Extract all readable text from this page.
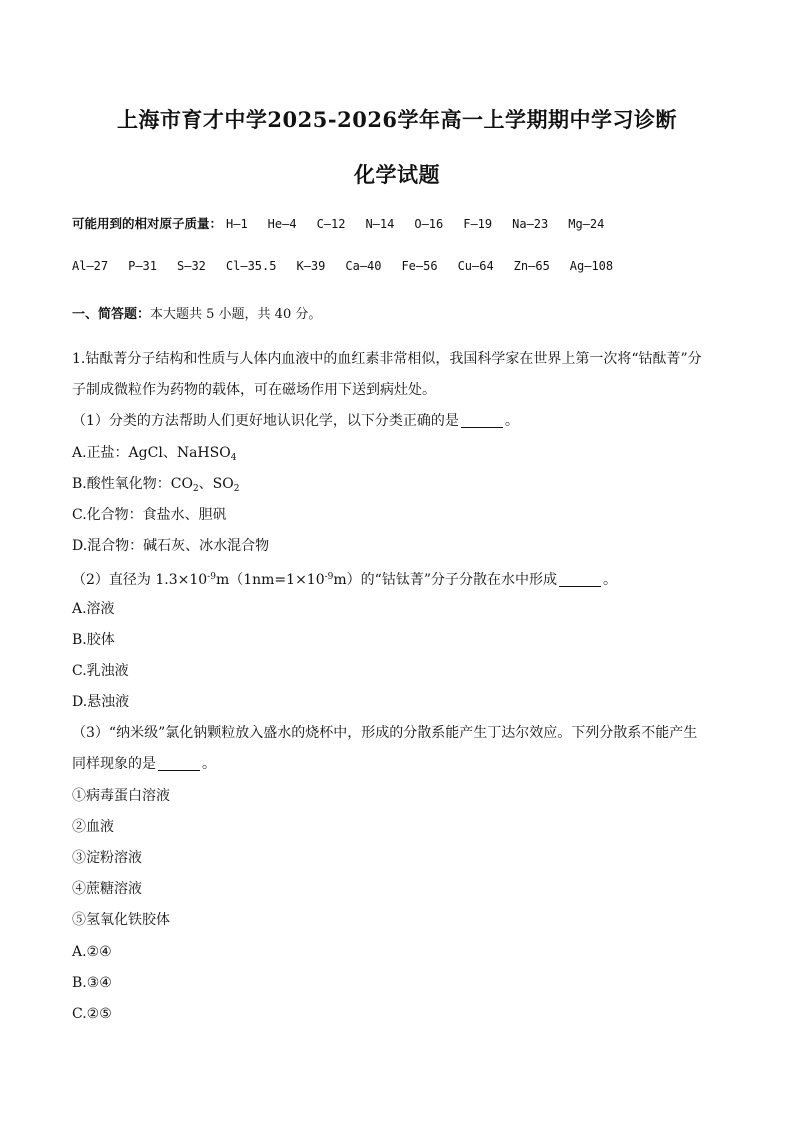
上海市育才中学2025-2026学年高一上学期期中学习诊断
化学试题
可能用到的相对原子质量： H—1 He—4 C—12 N—14 O—16 F—19 Na—23 Mg—24
Al—27 P—31 S—32 Cl—35.5 K—39 Ca—40 Fe—56 Cu—64 Zn—65 Ag—108
一、简答题：本大题共 5 小题，共 40 分。
1.钴酞菁分子结构和性质与人体内血液中的血红素非常相似，我国科学家在世界上第一次将“钴酞菁”分
子制成微粒作为药物的载体，可在磁场作用下送到病灶处。
（1）分类的方法帮助人们更好地认识化学，以下分类正确的是	。
A.正盐：AgCl、NaHSO$_4$
B.酸性氧化物：$CO_2$、$SO_2$
C.化合物：食盐水、胆矾
D.混合物：碱石灰、冰水混合物
（2）直径为 $1.3\times 10^{-9}m(1nm=1\times 10^{-9}m)$的“钴钛菁”分子分散在水中形成	。
A.溶液
B.胶体
C.乳浊液
D.悬浊液
（3）“纳米级”氯化钠颗粒放入盛水的烧杯中，形成的分散系能产生丁达尔效应。下列分散系不能产生
同样现象的是	。
①病毒蛋白溶液
②血液
③淀粉溶液
④蔗糖溶液
⑤氢氧化铁胶体
A.②④
B.③④
C.②⑤
